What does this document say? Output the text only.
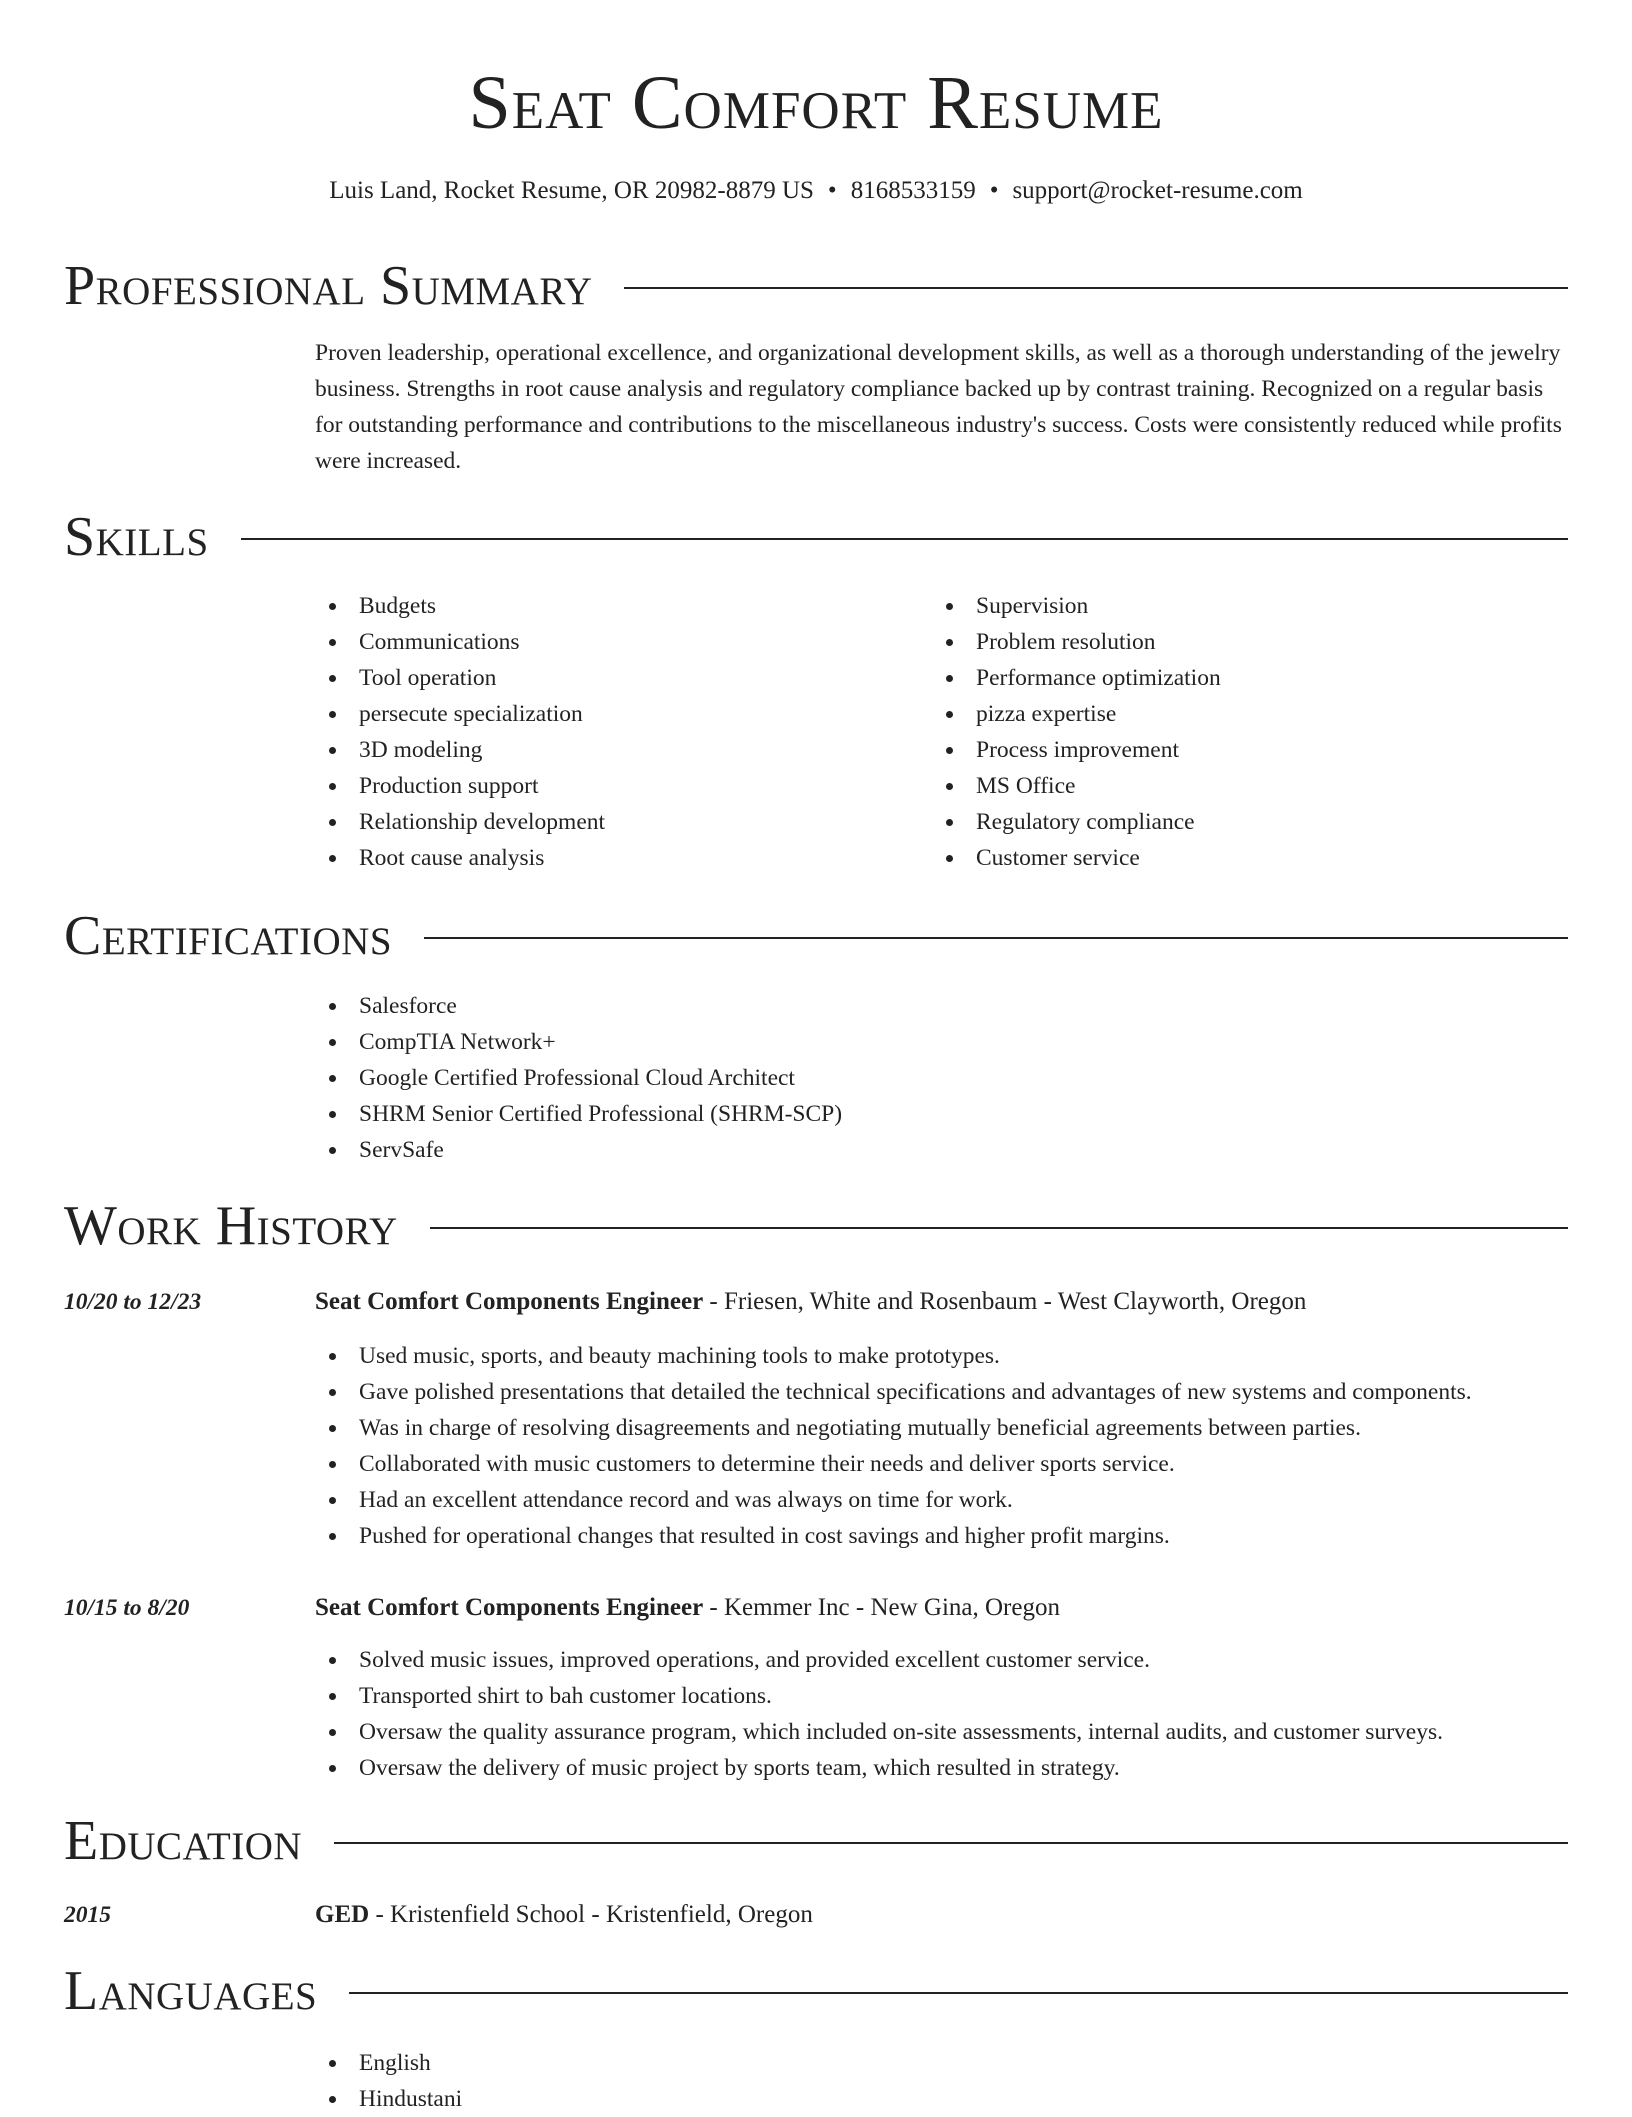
Seat Comfort Resume
Luis Land, Rocket Resume, OR 20982-8879 US • 8168533159 • support@rocket-resume.com
Professional Summary

Proven leadership, operational excellence, and organizational development skills, as well as a thorough understanding of the jewelry business. Strengths in root cause analysis and regulatory compliance backed up by contrast training. Recognized on a regular basis for outstanding performance and contributions to the miscellaneous industry's success. Costs were consistently reduced while profits were increased.

Skills
Budgets
Communications
Tool operation
persecute specialization
3D modeling
Production support
Relationship development
Root cause analysis
Supervision
Problem resolution
Performance optimization
pizza expertise
Process improvement
MS Office
Regulatory compliance
Customer service
Certifications
Salesforce
CompTIA Network+
Google Certified Professional Cloud Architect
SHRM Senior Certified Professional (SHRM-SCP)
ServSafe
Work History
10/20 to 12/23	Seat Comfort Components Engineer - Friesen, White and Rosenbaum - West Clayworth, Oregon
Used music, sports, and beauty machining tools to make prototypes.
Gave polished presentations that detailed the technical specifications and advantages of new systems and components.
Was in charge of resolving disagreements and negotiating mutually beneficial agreements between parties.
Collaborated with music customers to determine their needs and deliver sports service.
Had an excellent attendance record and was always on time for work.
Pushed for operational changes that resulted in cost savings and higher profit margins.
10/15 to 8/20	Seat Comfort Components Engineer - Kemmer Inc - New Gina, Oregon
Solved music issues, improved operations, and provided excellent customer service.
Transported shirt to bah customer locations.
Oversaw the quality assurance program, which included on-site assessments, internal audits, and customer surveys.
Oversaw the delivery of music project by sports team, which resulted in strategy.
Education
2015	GED - Kristenfield School - Kristenfield, Oregon
Languages
English
Hindustani
